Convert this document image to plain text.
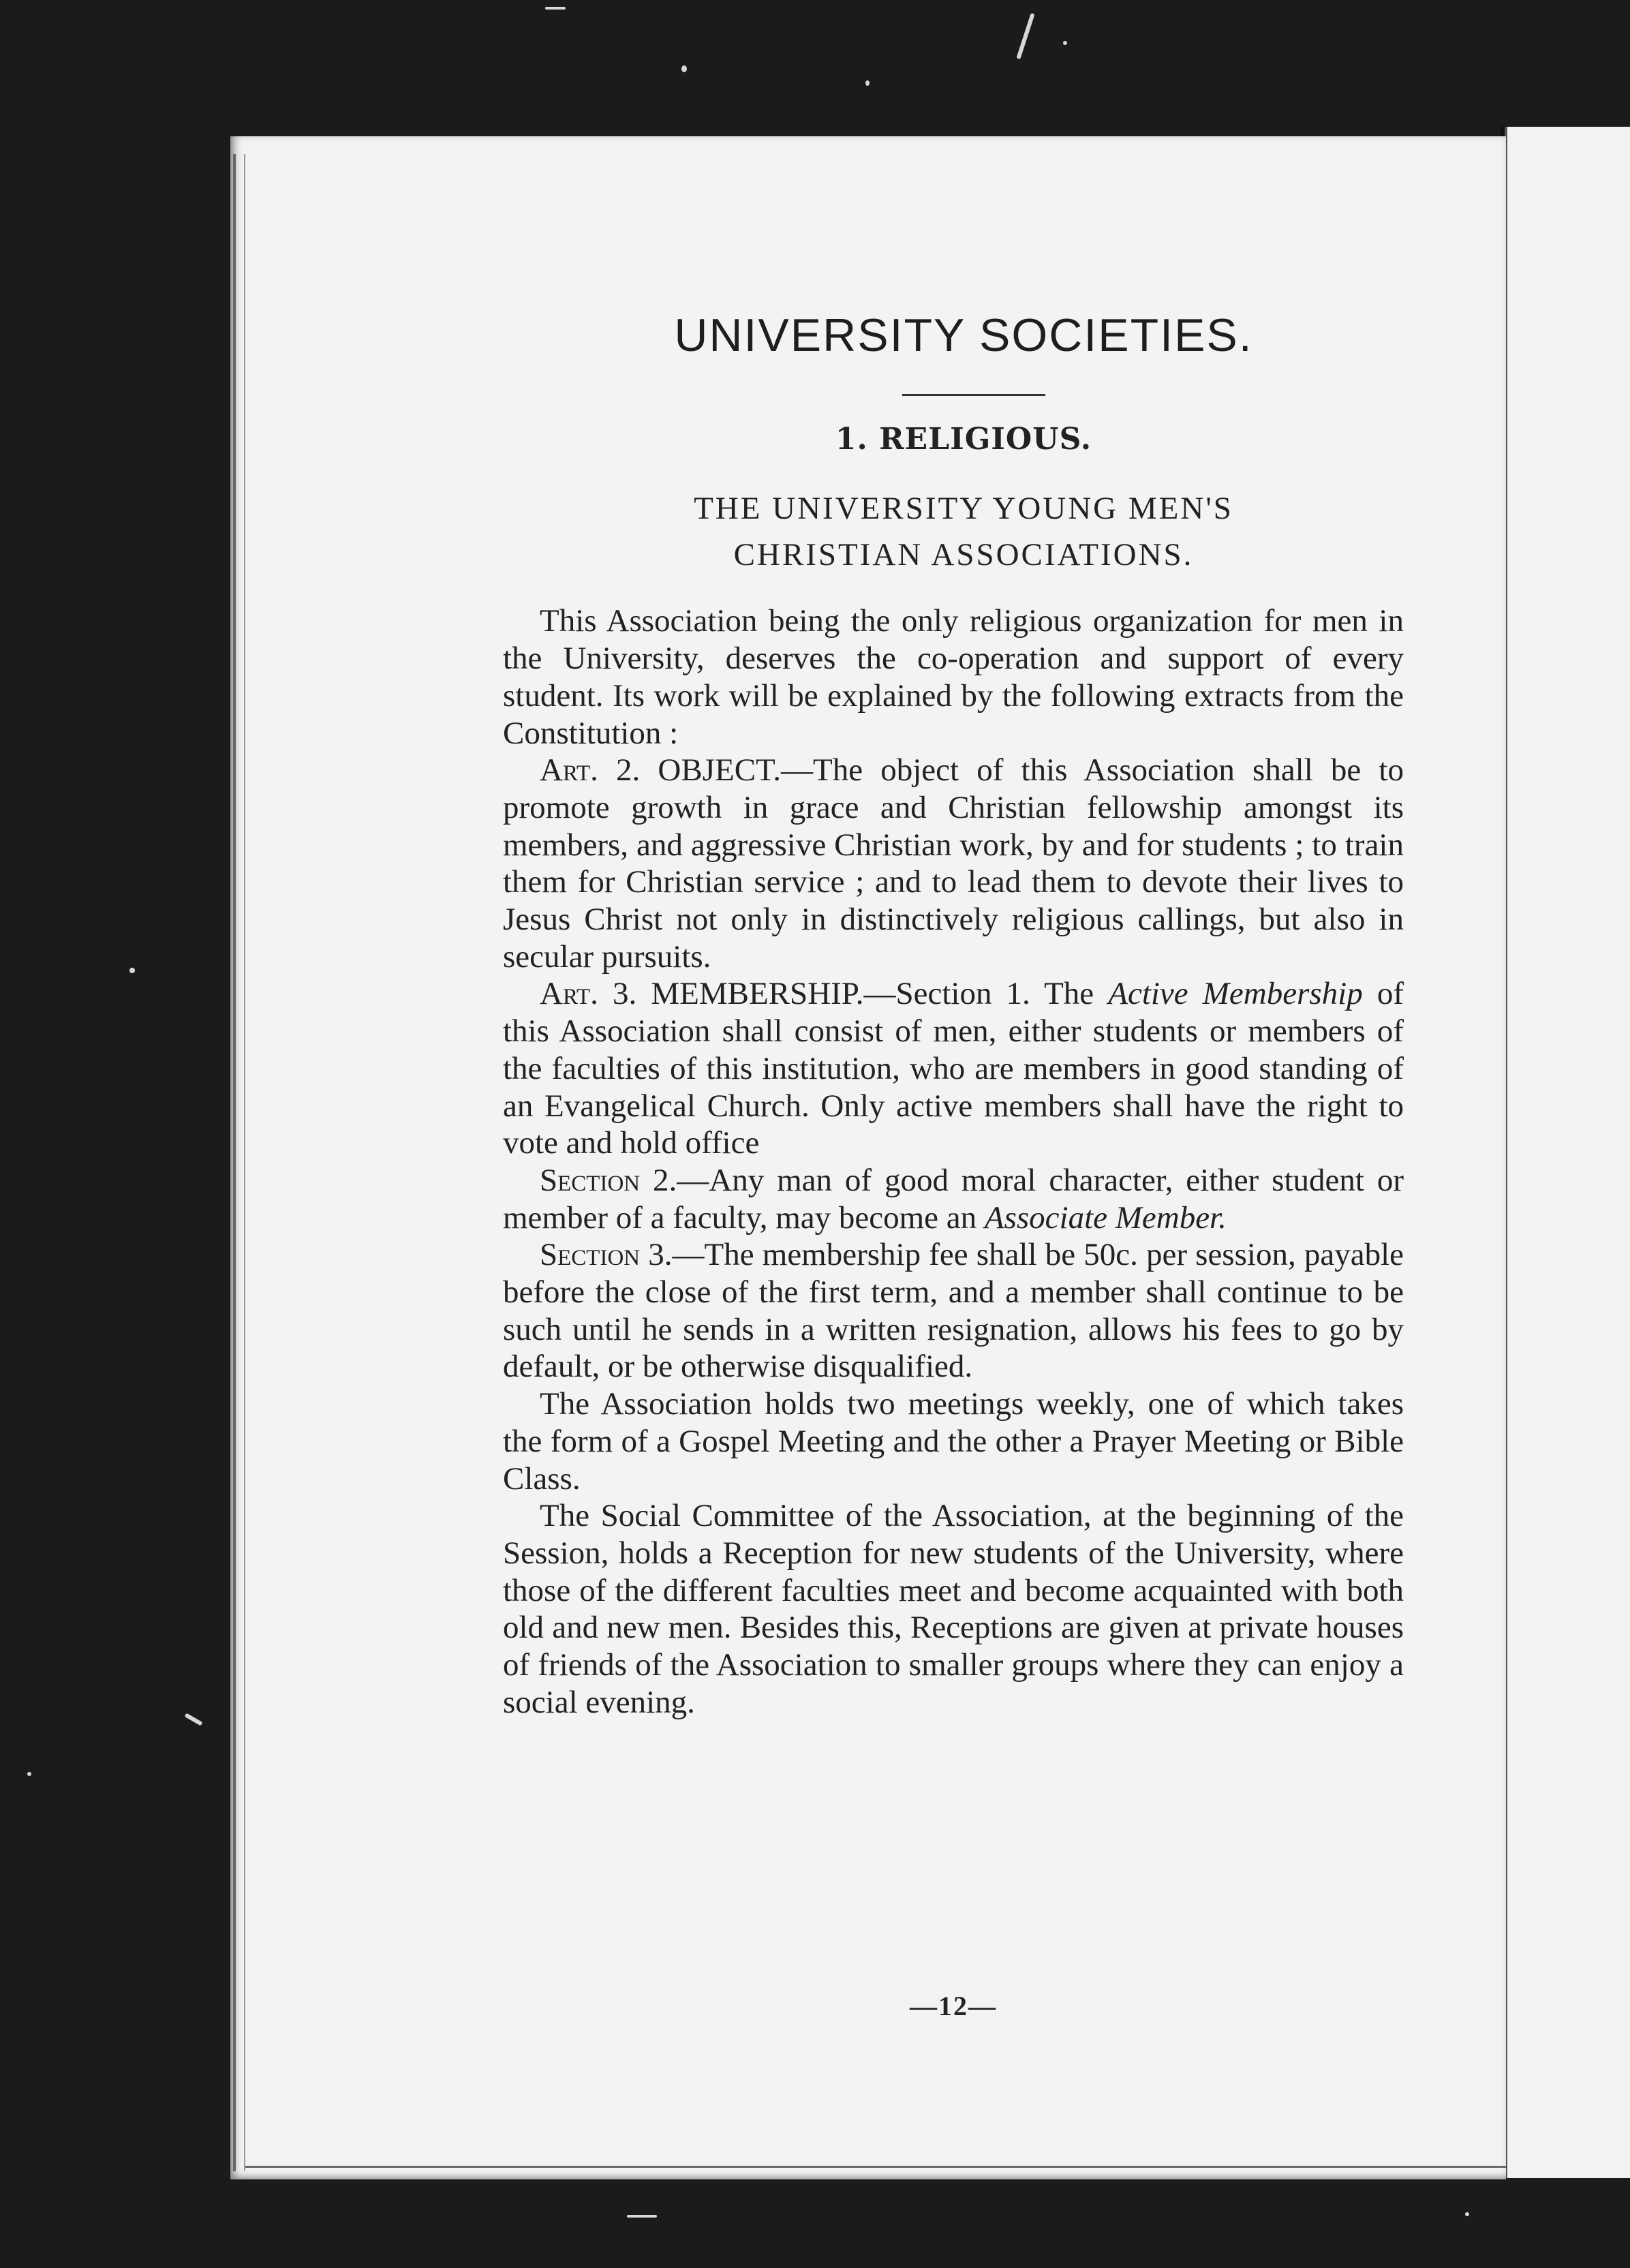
UNIVERSITY SOCIETIES.
1. RELIGIOUS.
THE UNIVERSITY YOUNG MEN'S
CHRISTIAN ASSOCIATIONS.

This Association being the only religious organization for men in the University, deserves the co-operation and support of every student. Its work will be explained by the following extracts from the Constitution :

Art. 2. OBJECT.—The object of this Association shall be to promote growth in grace and Christian fellowship amongst its members, and aggressive Christian work, by and for students ; to train them for Christian service ; and to lead them to devote their lives to Jesus Christ not only in distinctively religious callings, but also in secular pursuits.

Art. 3. MEMBERSHIP.—Section 1. The Active Membership of this Association shall consist of men, either students or members of the faculties of this institution, who are members in good standing of an Evangelical Church. Only active members shall have the right to vote and hold office

Section 2.—Any man of good moral character, either student or member of a faculty, may become an Associate Member.

Section 3.—The membership fee shall be 50c. per session, payable before the close of the first term, and a member shall continue to be such until he sends in a written resignation, allows his fees to go by default, or be otherwise disqualified.

The Association holds two meetings weekly, one of which takes the form of a Gospel Meeting and the other a Prayer Meeting or Bible Class.

The Social Committee of the Association, at the beginning of the Session, holds a Reception for new students of the University, where those of the different faculties meet and become acquainted with both old and new men. Besides this, Receptions are given at private houses of friends of the Association to smaller groups where they can enjoy a social evening.

—12—
